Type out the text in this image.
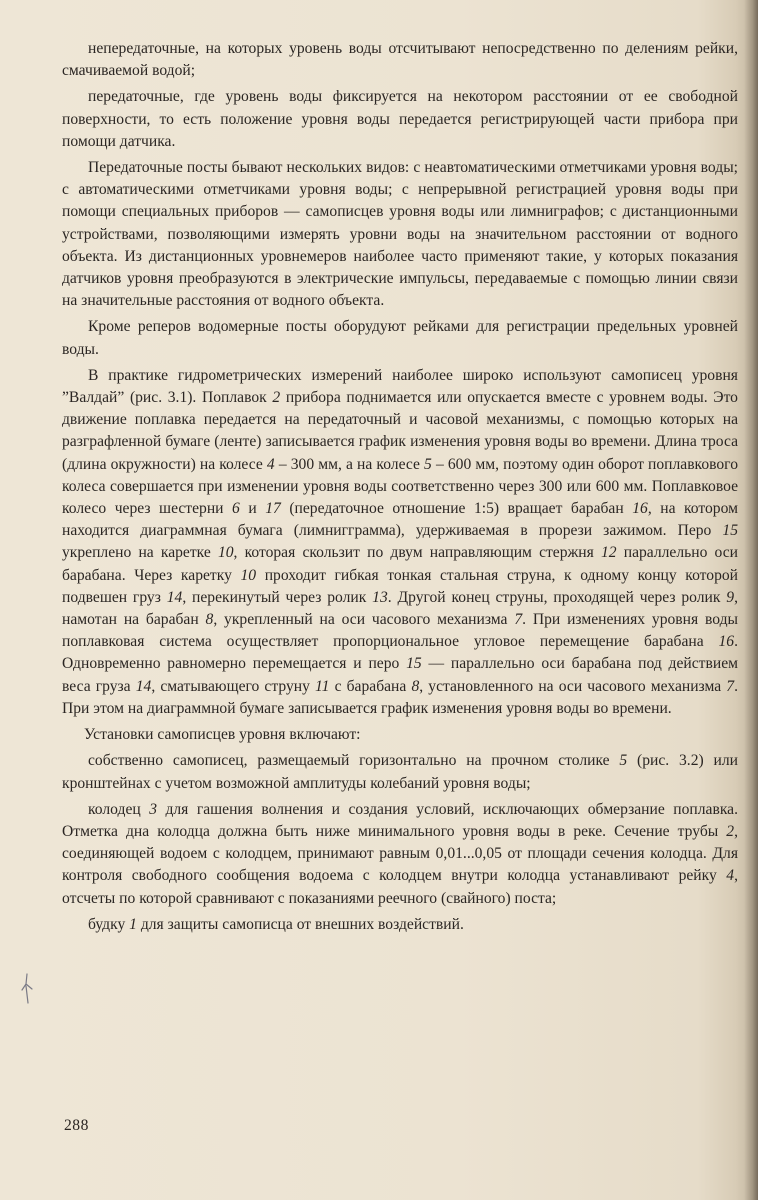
непередаточные, на которых уровень воды отсчитывают непосредственно по делениям рейки, смачиваемой водой;

передаточные, где уровень воды фиксируется на некотором расстоянии от ее свободной поверхности, то есть положение уровня воды передается регистрирующей части прибора при помощи датчика.

Передаточные посты бывают нескольких видов: с неавтоматическими отметчиками уровня воды; с автоматическими отметчиками уровня воды; с непрерывной регистрацией уровня воды при помощи специальных приборов — самописцев уровня воды или лимниграфов; с дистанционными устройствами, позволяющими измерять уровни воды на значительном расстоянии от водного объекта. Из дистанционных уровнемеров наиболее часто применяют такие, у которых показания датчиков уровня преобразуются в электрические импульсы, передаваемые с помощью линии связи на значительные расстояния от водного объекта.

Кроме реперов водомерные посты оборудуют рейками для регистрации предельных уровней воды.

В практике гидрометрических измерений наиболее широко используют самописец уровня ”Валдай” (рис. 3.1). Поплавок 2 прибора поднимается или опускается вместе с уровнем воды. Это движение поплавка передается на передаточный и часовой механизмы, с помощью которых на разграфленной бумаге (ленте) записывается график изменения уровня воды во времени. Длина троса (длина окружности) на колесе 4 – 300 мм, а на колесе 5 – 600 мм, поэтому один оборот поплавкового колеса совершается при изменении уровня воды соответственно через 300 или 600 мм. Поплавковое колесо через шестерни 6 и 17 (передаточное отношение 1:5) вращает барабан 16, на котором находится диаграммная бумага (лимнигграмма), удерживаемая в прорези зажимом. Перо 15 укреплено на каретке 10, которая скользит по двум направляющим стержня 12 параллельно оси барабана. Через каретку 10 проходит гибкая тонкая стальная струна, к одному концу которой подвешен груз 14, перекинутый через ролик 13. Другой конец струны, проходящей через ролик 9, намотан на барабан 8, укрепленный на оси часового механизма 7. При изменениях уровня воды поплавковая система осуществляет пропорциональное угловое перемещение барабана 16. Одновременно равномерно перемещается и перо 15 — параллельно оси барабана под действием веса груза 14, сматывающего струну 11 с барабана 8, установленного на оси часового механизма 7. При этом на диаграммной бумаге записывается график изменения уровня воды во времени.

Установки самописцев уровня включают:

собственно самописец, размещаемый горизонтально на прочном столике 5 (рис. 3.2) или кронштейнах с учетом возможной амплитуды колебаний уровня воды;

колодец 3 для гашения волнения и создания условий, исключающих обмерзание поплавка. Отметка дна колодца должна быть ниже минимального уровня воды в реке. Сечение трубы 2, соединяющей водоем с колодцем, принимают равным 0,01...0,05 от площади сечения колодца. Для контроля свободного сообщения водоема с колодцем внутри колодца устанавливают рейку 4, отсчеты по которой сравнивают с показаниями реечного (свайного) поста;

будку 1 для защиты самописца от внешних воздействий.

288
